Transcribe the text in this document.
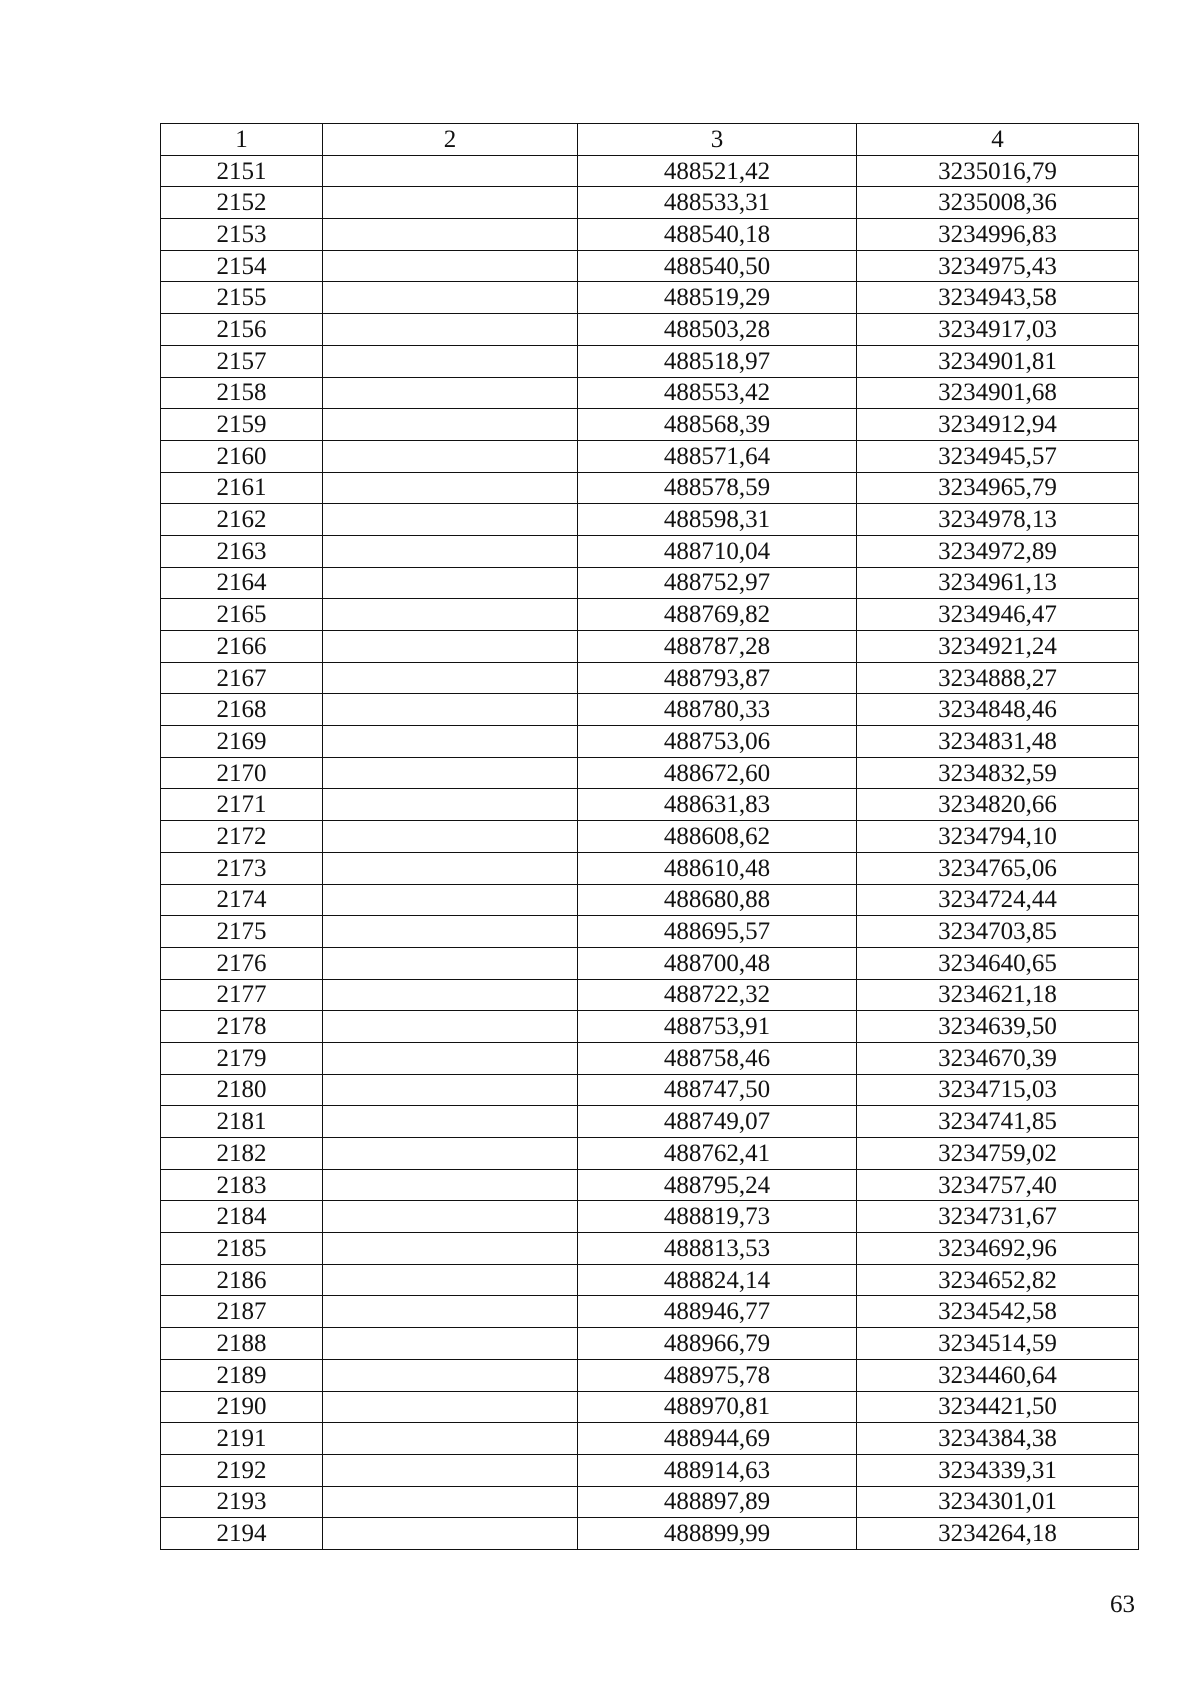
1	2	3	4
2151		488521,42	3235016,79
2152		488533,31	3235008,36
2153		488540,18	3234996,83
2154		488540,50	3234975,43
2155		488519,29	3234943,58
2156		488503,28	3234917,03
2157		488518,97	3234901,81
2158		488553,42	3234901,68
2159		488568,39	3234912,94
2160		488571,64	3234945,57
2161		488578,59	3234965,79
2162		488598,31	3234978,13
2163		488710,04	3234972,89
2164		488752,97	3234961,13
2165		488769,82	3234946,47
2166		488787,28	3234921,24
2167		488793,87	3234888,27
2168		488780,33	3234848,46
2169		488753,06	3234831,48
2170		488672,60	3234832,59
2171		488631,83	3234820,66
2172		488608,62	3234794,10
2173		488610,48	3234765,06
2174		488680,88	3234724,44
2175		488695,57	3234703,85
2176		488700,48	3234640,65
2177		488722,32	3234621,18
2178		488753,91	3234639,50
2179		488758,46	3234670,39
2180		488747,50	3234715,03
2181		488749,07	3234741,85
2182		488762,41	3234759,02
2183		488795,24	3234757,40
2184		488819,73	3234731,67
2185		488813,53	3234692,96
2186		488824,14	3234652,82
2187		488946,77	3234542,58
2188		488966,79	3234514,59
2189		488975,78	3234460,64
2190		488970,81	3234421,50
2191		488944,69	3234384,38
2192		488914,63	3234339,31
2193		488897,89	3234301,01
2194		488899,99	3234264,18
63
